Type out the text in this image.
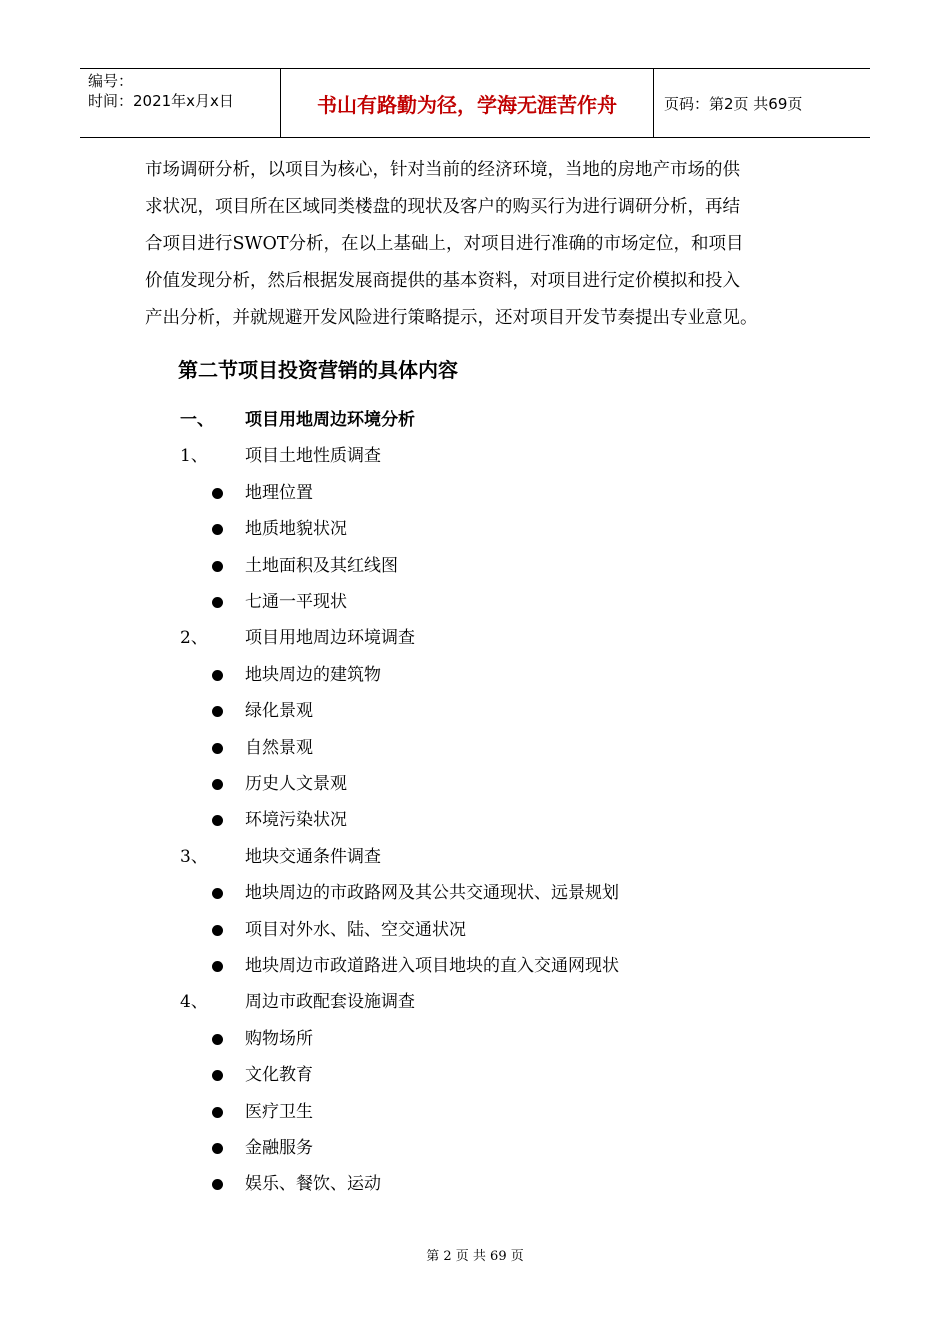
编号：
时间：2021年x月x日	书山有路勤为径，学海无涯苦作舟	页码：第2页 共69页

市场调研分析，以项目为核心，针对当前的经济环境，当地的房地产市场的供

求状况，项目所在区域同类楼盘的现状及客户的购买行为进行调研分析，再结

合项目进行SWOT分析，在以上基础上，对项目进行准确的市场定位，和项目

价值发现分析，然后根据发展商提供的基本资料，对项目进行定价模拟和投入

产出分析，并就规避开发风险进行策略提示，还对项目开发节奏提出专业意见。

第二节项目投资营销的具体内容
一、 项目用地周边环境分析
1、 项目土地性质调查
地理位置
地质地貌状况
土地面积及其红线图
七通一平现状
2、 项目用地周边环境调查
地块周边的建筑物
绿化景观
自然景观
历史人文景观
环境污染状况
3、 地块交通条件调查
地块周边的市政路网及其公共交通现状、远景规划
项目对外水、陆、空交通状况
地块周边市政道路进入项目地块的直入交通网现状
4、 周边市政配套设施调查
购物场所
文化教育
医疗卫生
金融服务
娱乐、餐饮、运动
第 2 页 共 69 页
